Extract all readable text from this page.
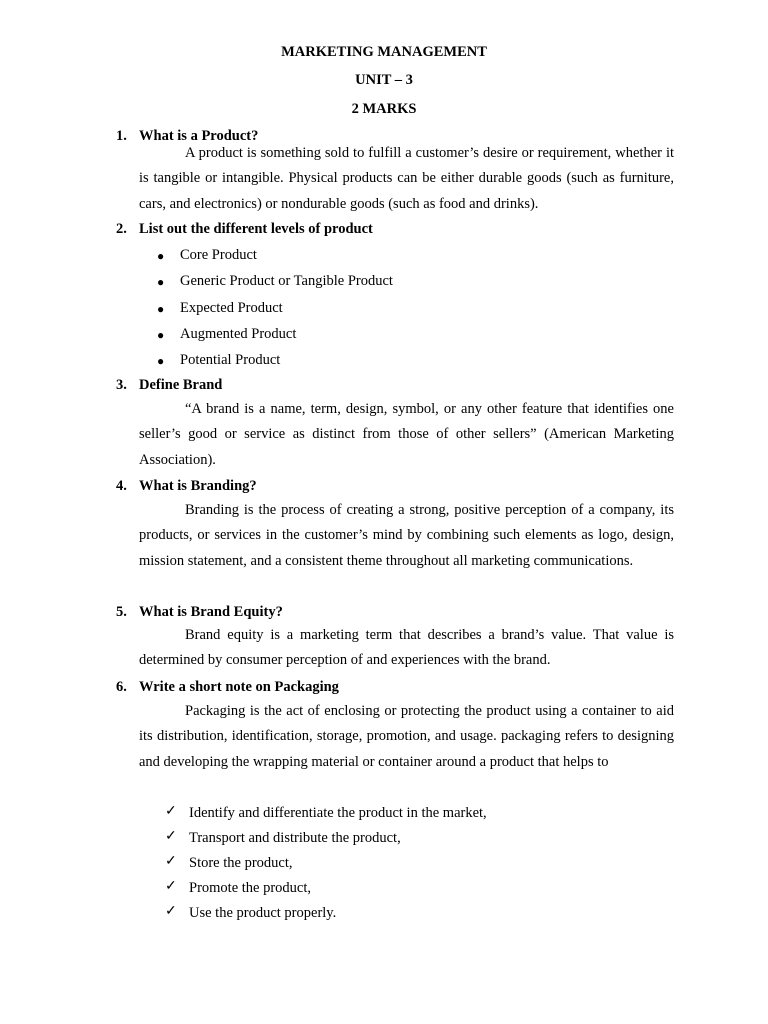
MARKETING MANAGEMENT
UNIT – 3
2 MARKS
1. What is a Product?
A product is something sold to fulfill a customer’s desire or requirement, whether it is tangible or intangible. Physical products can be either durable goods (such as furniture, cars, and electronics) or nondurable goods (such as food and drinks).
2. List out the different levels of product
● Core Product
● Generic Product or Tangible Product
● Expected Product
● Augmented Product
● Potential Product
3. Define Brand
“A brand is a name, term, design, symbol, or any other feature that identifies one seller’s good or service as distinct from those of other sellers” (American Marketing Association).
4. What is Branding?
Branding is the process of creating a strong, positive perception of a company, its products, or services in the customer’s mind by combining such elements as logo, design, mission statement, and a consistent theme throughout all marketing communications.
5. What is Brand Equity?
Brand equity is a marketing term that describes a brand’s value. That value is determined by consumer perception of and experiences with the brand.
6. Write a short note on Packaging
Packaging is the act of enclosing or protecting the product using a container to aid its distribution, identification, storage, promotion, and usage. packaging refers to designing and developing the wrapping material or container around a product that helps to
✓ Identify and differentiate the product in the market,
✓ Transport and distribute the product,
✓ Store the product,
✓ Promote the product,
✓ Use the product properly.
